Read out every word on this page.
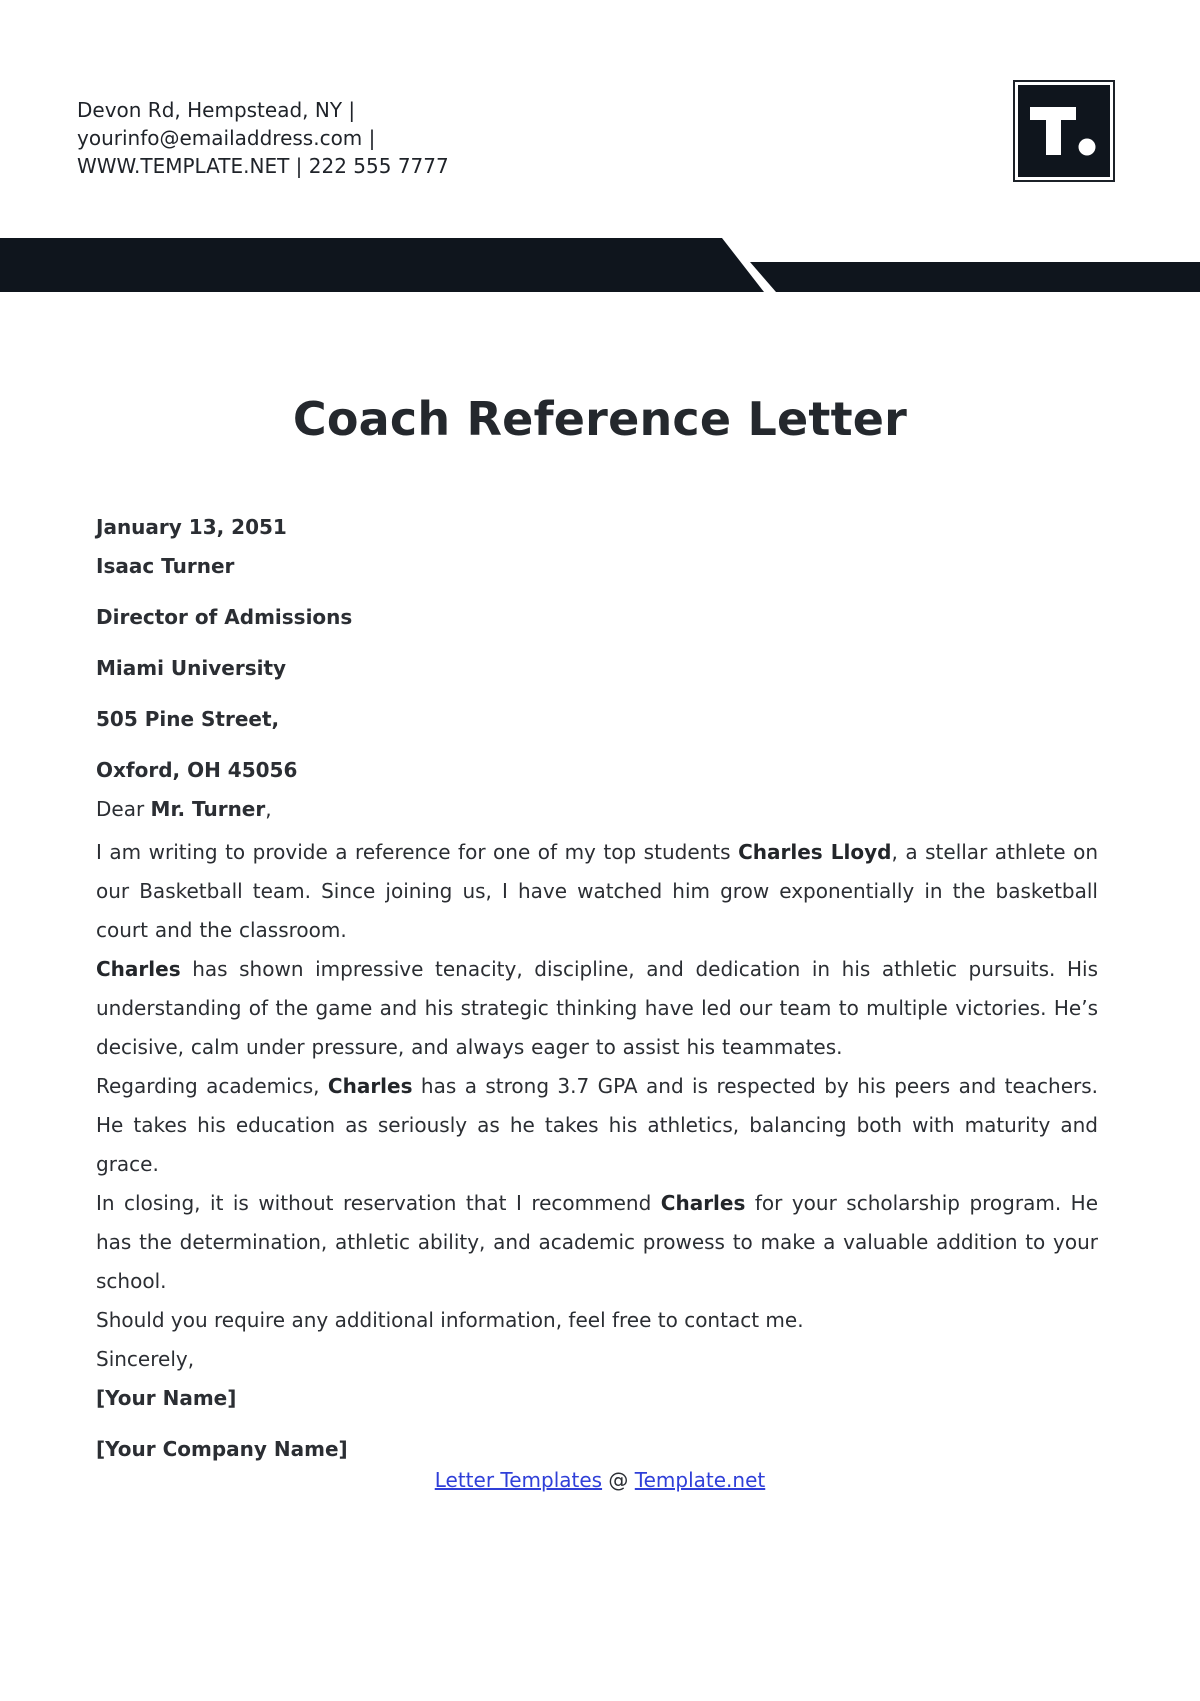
Devon Rd, Hempstead, NY |
yourinfo@emailaddress.com |
WWW.TEMPLATE.NET | 222 555 7777
Coach Reference Letter
January 13, 2051
Isaac Turner
Director of Admissions
Miami University
505 Pine Street,
Oxford, OH 45056
Dear Mr. Turner,
I am writing to provide a reference for one of my top students Charles Lloyd, a stellar athlete on our Basketball team. Since joining us, I have watched him grow exponentially in the basketball court and the classroom.
Charles has shown impressive tenacity, discipline, and dedication in his athletic pursuits. His understanding of the game and his strategic thinking have led our team to multiple victories. He’s decisive, calm under pressure, and always eager to assist his teammates.
Regarding academics, Charles has a strong 3.7 GPA and is respected by his peers and teachers. He takes his education as seriously as he takes his athletics, balancing both with maturity and grace.
In closing, it is without reservation that I recommend Charles for your scholarship program. He has the determination, athletic ability, and academic prowess to make a valuable addition to your school.
Should you require any additional information, feel free to contact me.
Sincerely,
[Your Name]
[Your Company Name]
Letter Templates @ Template.net
